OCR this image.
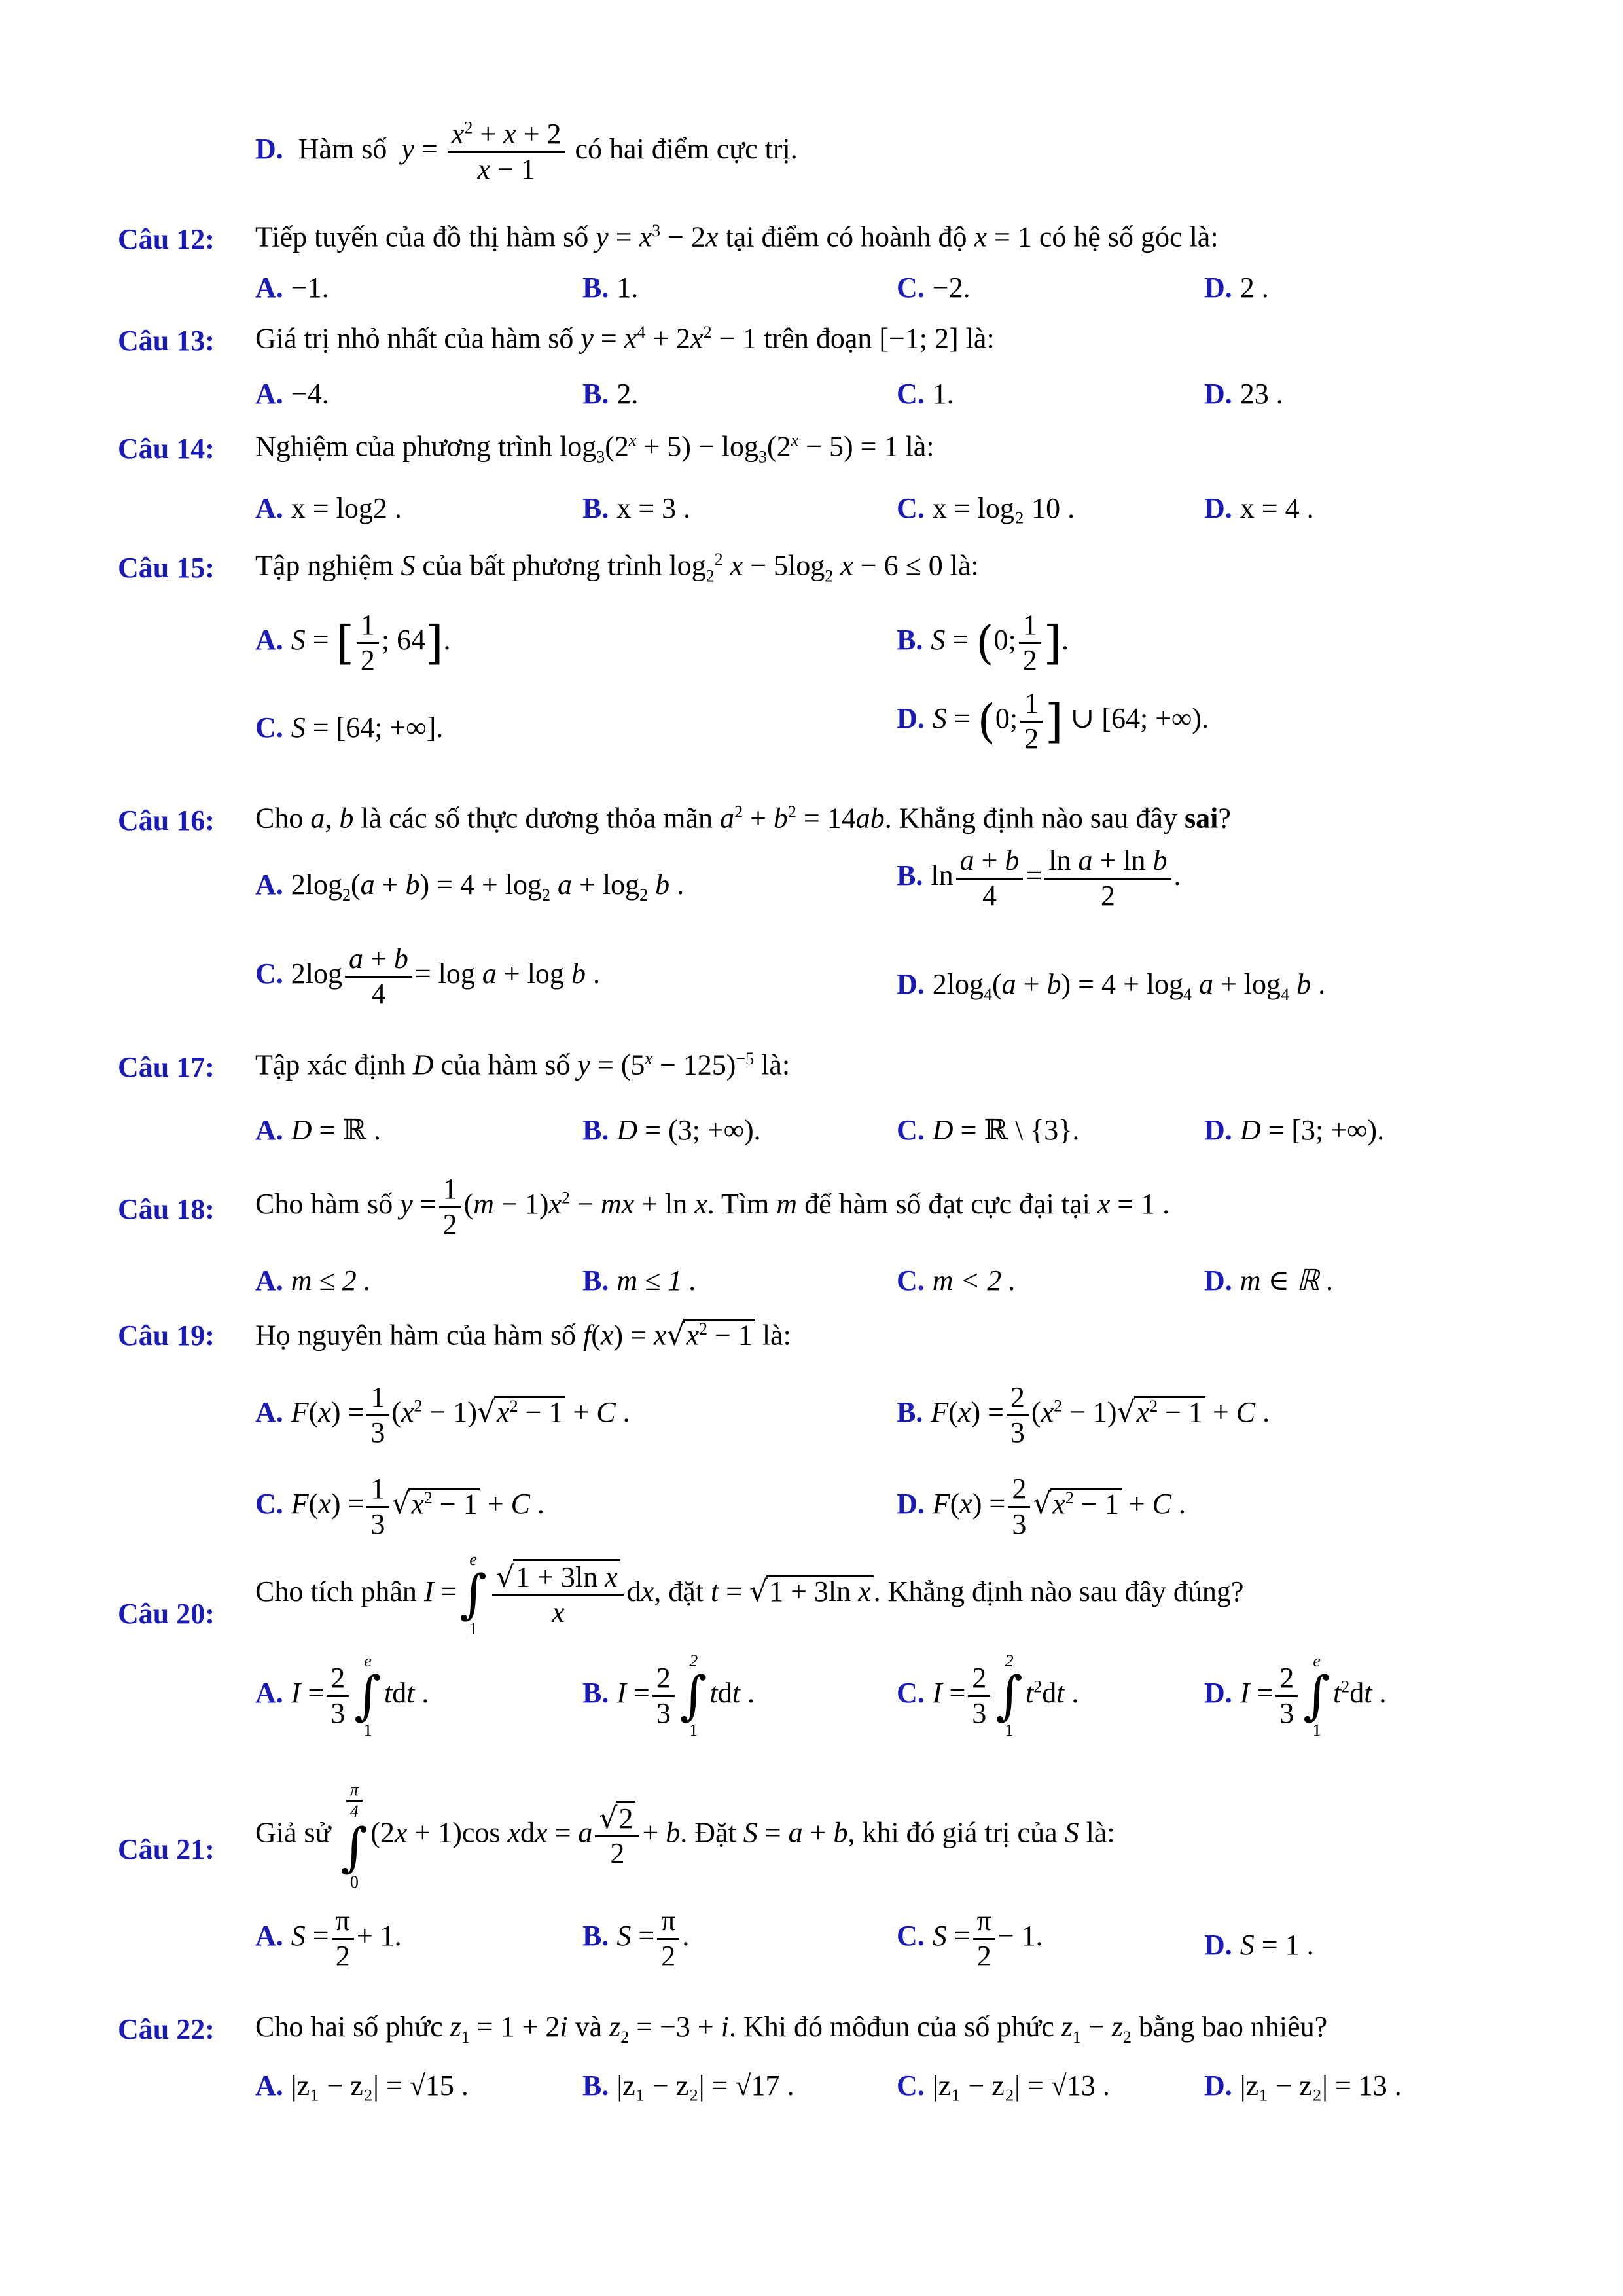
D. Hàm số  $y = \frac{x^2 + x + 2}{x - 1}$ có hai điểm cực trị.
Câu 12: Tiếp tuyến của đồ thị hàm số $y = x^3 - 2x$ tại điểm có hoành độ x = 1 có hệ số góc là:
A. −1.	B. 1.	C. −2.	D. 2 .
Câu 13: Giá trị nhỏ nhất của hàm số $y = x^4 + 2x^2 - 1$ trên đoạn [−1; 2] là:
A. −4.	B. 2.	C. 1.	D. 23 .
Câu 14: Nghiệm của phương trình $\log_3(2^x + 5) - \log_3(2^x - 5) = 1$ là:
A. x = log2 .	B. x = 3 .	C. x = log₂ 10 .	D. x = 4 .
Câu 15: Tập nghiệm S của bất phương trình $\log_2^2 x - 5\log_2$ x − 6 ≤ 0 là:
A. S = [ $\frac{1}{2}$ ; 64].	B. S = (0; $\frac{1}{2}$ ].
C. S = [64; +∞].	D. S = (0; $\frac{1}{2}$ ] ∪ [64; +∞).
Câu 16: Cho a, b là các số thực dương thỏa mãn $a^2 + b^2 = 14ab$. Khẳng định nào sau đây sai?
A. $2\log_2(a + b) = 4 + \log_2 a + \log_2 b$ .	B. $\ln \frac{a + b}{4} = \frac{\text{ln a + ln b}}{2}$ .
C. $2\log \frac{a + b}{4} = \log a + \log b$ .	D. $2\log_4(a + b) = 4 + \log_4 a + \log_4 b$ .
Câu 17: Tập xác định D của hàm số $y = (5^x - 125)^{-5}$ là:
A. D = ℝ .	B. D = (3; +∞).	C. D = ℝ \ {3}.	D. D = [3; +∞).
Câu 18: Cho hàm số $y = \frac{1}{2} (m - 1)x^2$ − mx + ln x. Tìm m để hàm số đạt cực đại tại x = 1 .
A. m ≤ 2 .	B. m ≤ 1 .	C. m < 2 .	D. m ∈ ℝ .
Câu 19: Họ nguyên hàm của hàm số $f(x) = x√x^2 - 1$ là:
A. $F(x) = \frac{1}{3} (x^2 - 1)√x^2 - 1 + C$ .	B. $F(x) = \frac{2}{3} (x^2 - 1)√x^2 - 1 + C$ .
C. $F(x) = \frac{1}{3} √x^2 - 1 + C$ .	D. $F(x) = \frac{2}{3} √x^2 - 1 + C$ .
Câu 20:
Cho tích phân I =
e
∫
$1 \frac{\text{√1 + 3ln x}}{x}$ dx, đặt t = √1 + 3ln x. Khẳng định nào sau đây đúng?
A. $I = \frac{2}{3}$
e
∫
1
tdt .	B. $I = \frac{2}{3}$
2
∫
1
tdt .	C. $I = \frac{2}{3}$
2
∫
1
$t^2dt$ .	D. $I = \frac{2}{3}$
e
∫
1
$t^2dt$ .
Câu 21:
Giả sử
$\frac{\pi}{4}$
∫
0
(2x + 1)cos xdx = a $\frac{√2}{2} + b$. Đặt S = a + b, khi đó giá trị của S là:
A. $S = \frac{\pi}{2} + 1$.	B. $S = \frac{\pi}{2}$ .	C. $S = \frac{\pi}{2} - 1$.	D. S = 1 .
Câu 22: Cho hai số phức $z_1 = 1 + 2i$ và $z_2 = -3 + i$. Khi đó môđun của số phức $z_1 - z_2$ bằng bao nhiêu?
A. |z₁ − z₂| = √15 .	B. |z₁ − z₂| = √17 .	C. |z₁ − z₂| = √13 .	D. |z₁ − z₂| = 13 .
